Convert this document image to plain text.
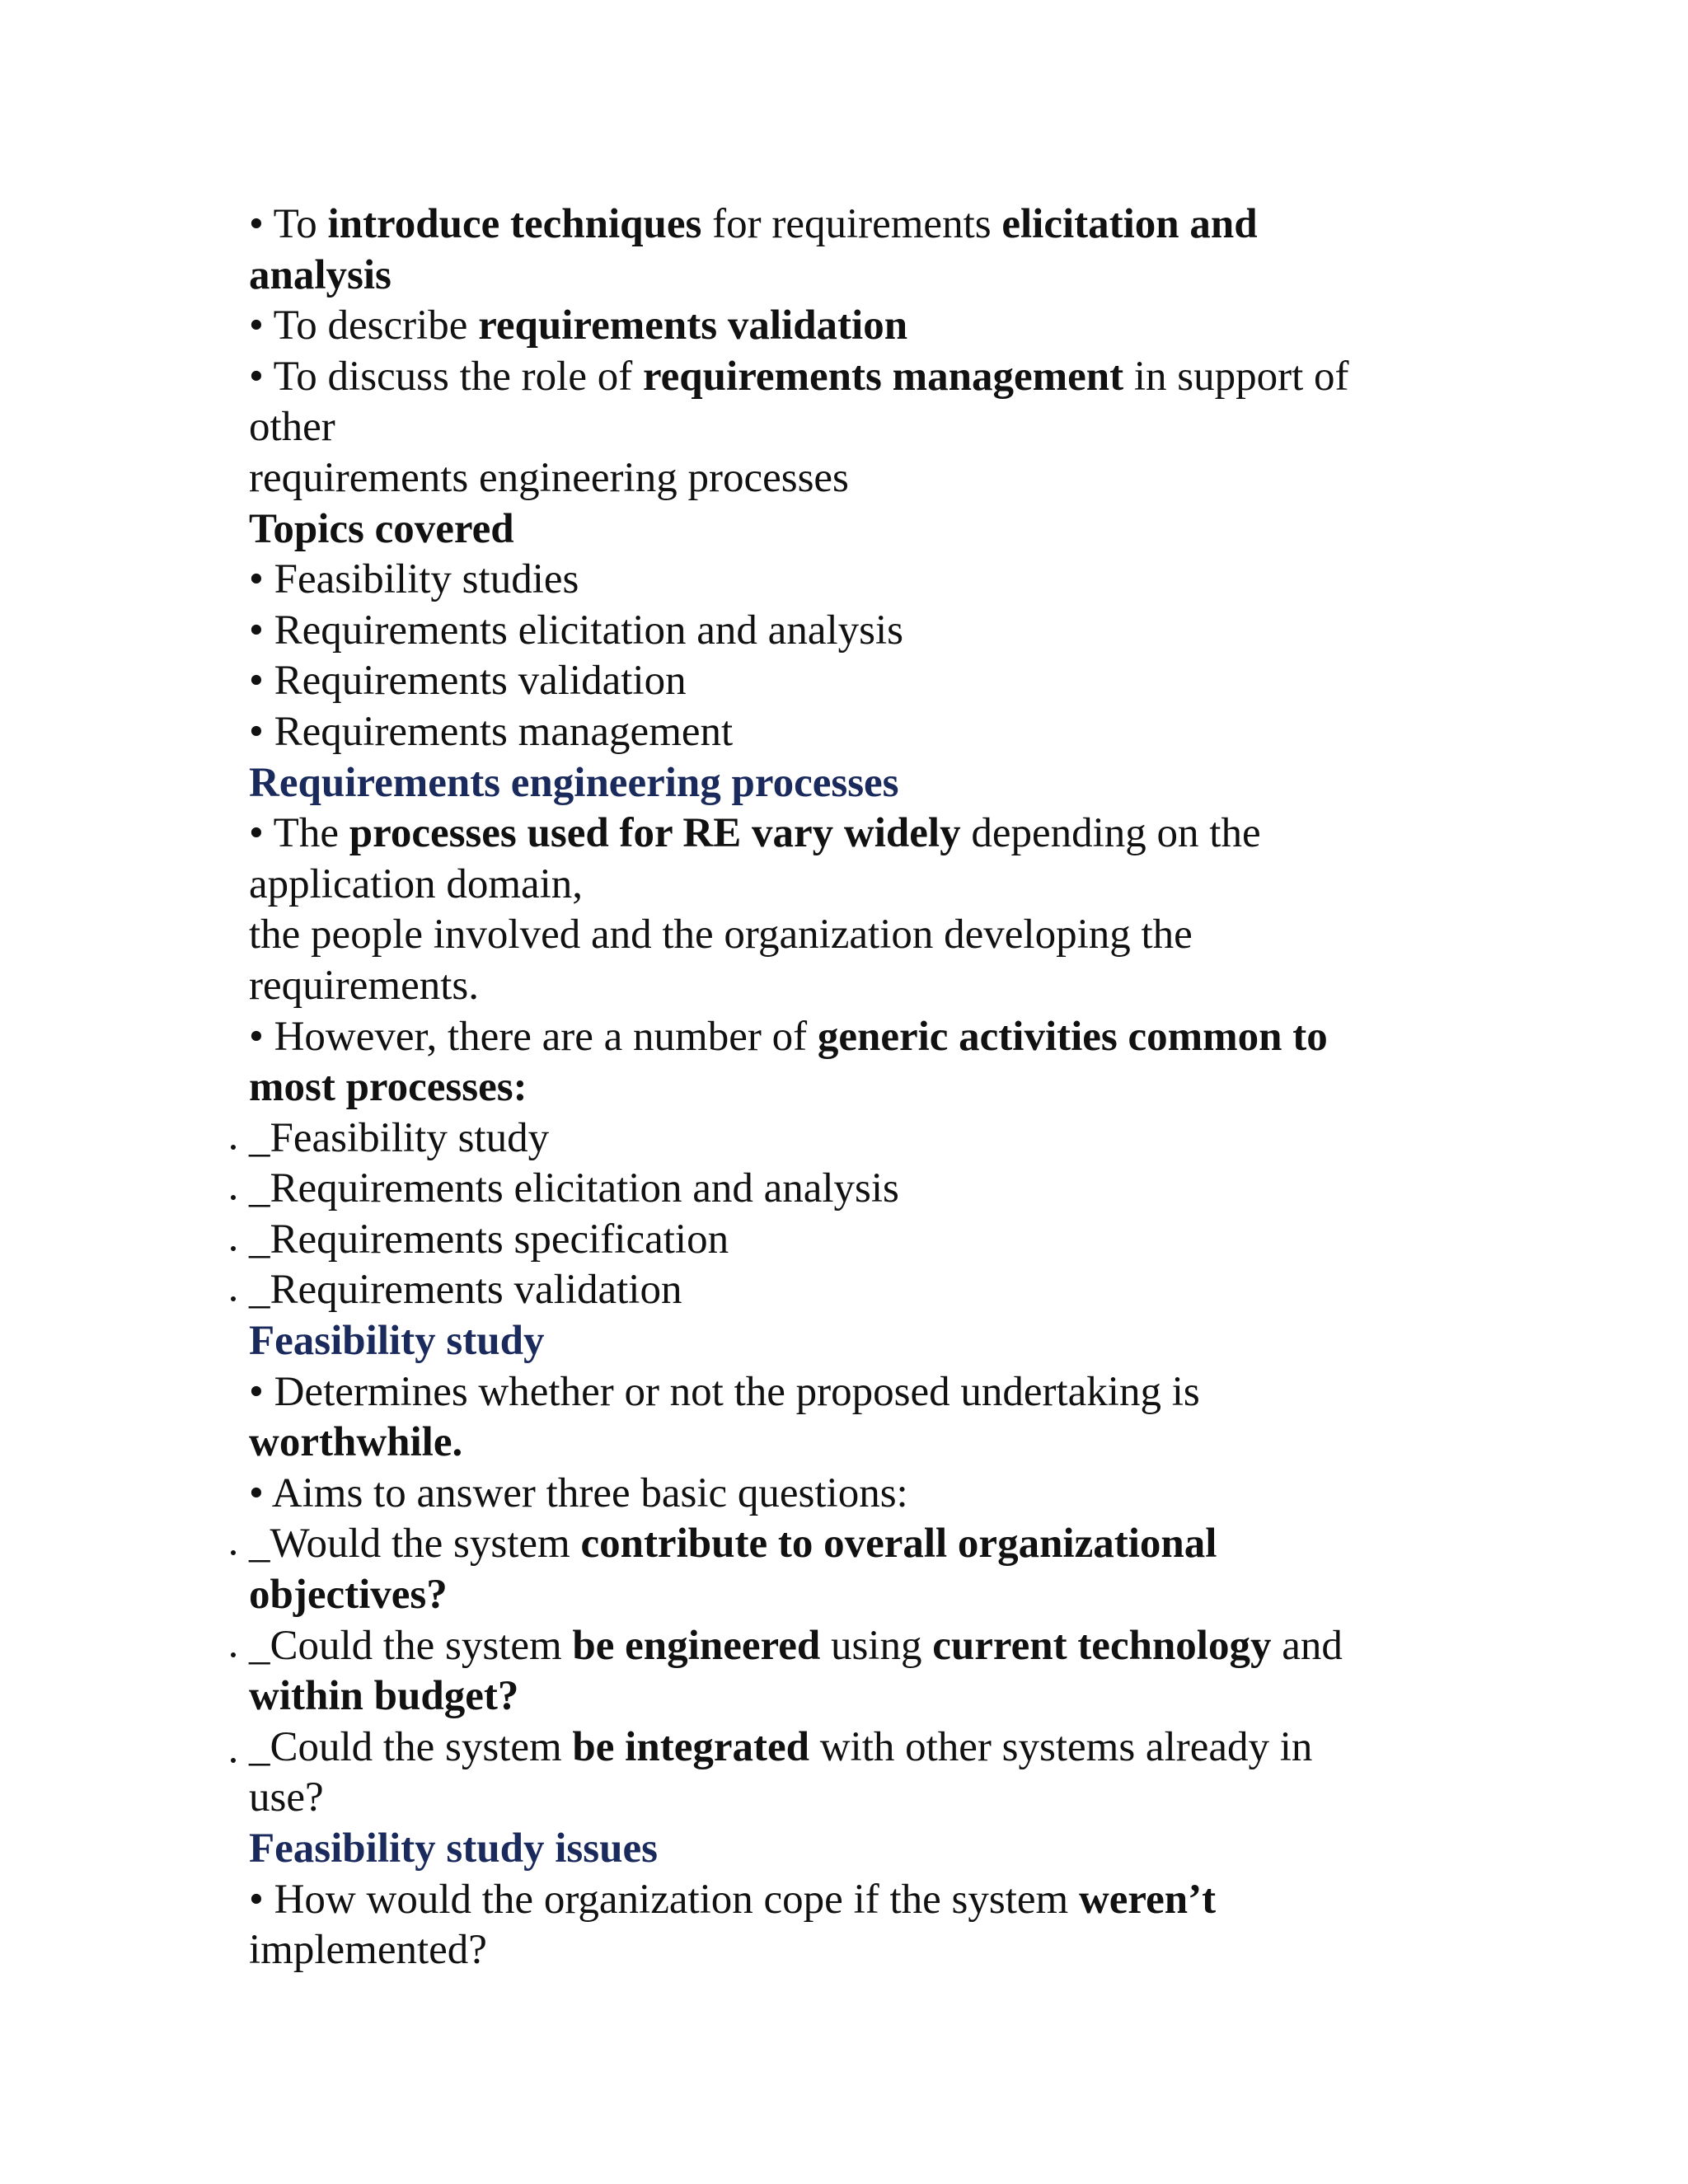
• To introduce techniques for requirements elicitation and
analysis
• To describe requirements validation
• To discuss the role of requirements management in support of
other
requirements engineering processes
Topics covered
• Feasibility studies
• Requirements elicitation and analysis
• Requirements validation
• Requirements management
Requirements engineering processes
• The processes used for RE vary widely depending on the
application domain,
the people involved and the organization developing the
requirements.
• However, there are a number of generic activities common to
most processes:
_Feasibility study
_Requirements elicitation and analysis
_Requirements specification
_Requirements validation
Feasibility study
• Determines whether or not the proposed undertaking is
worthwhile.
• Aims to answer three basic questions:
_Would the system contribute to overall organizational
objectives?
_Could the system be engineered using current technology and
within budget?
_Could the system be integrated with other systems already in
use?
Feasibility study issues
• How would the organization cope if the system weren’t
implemented?
